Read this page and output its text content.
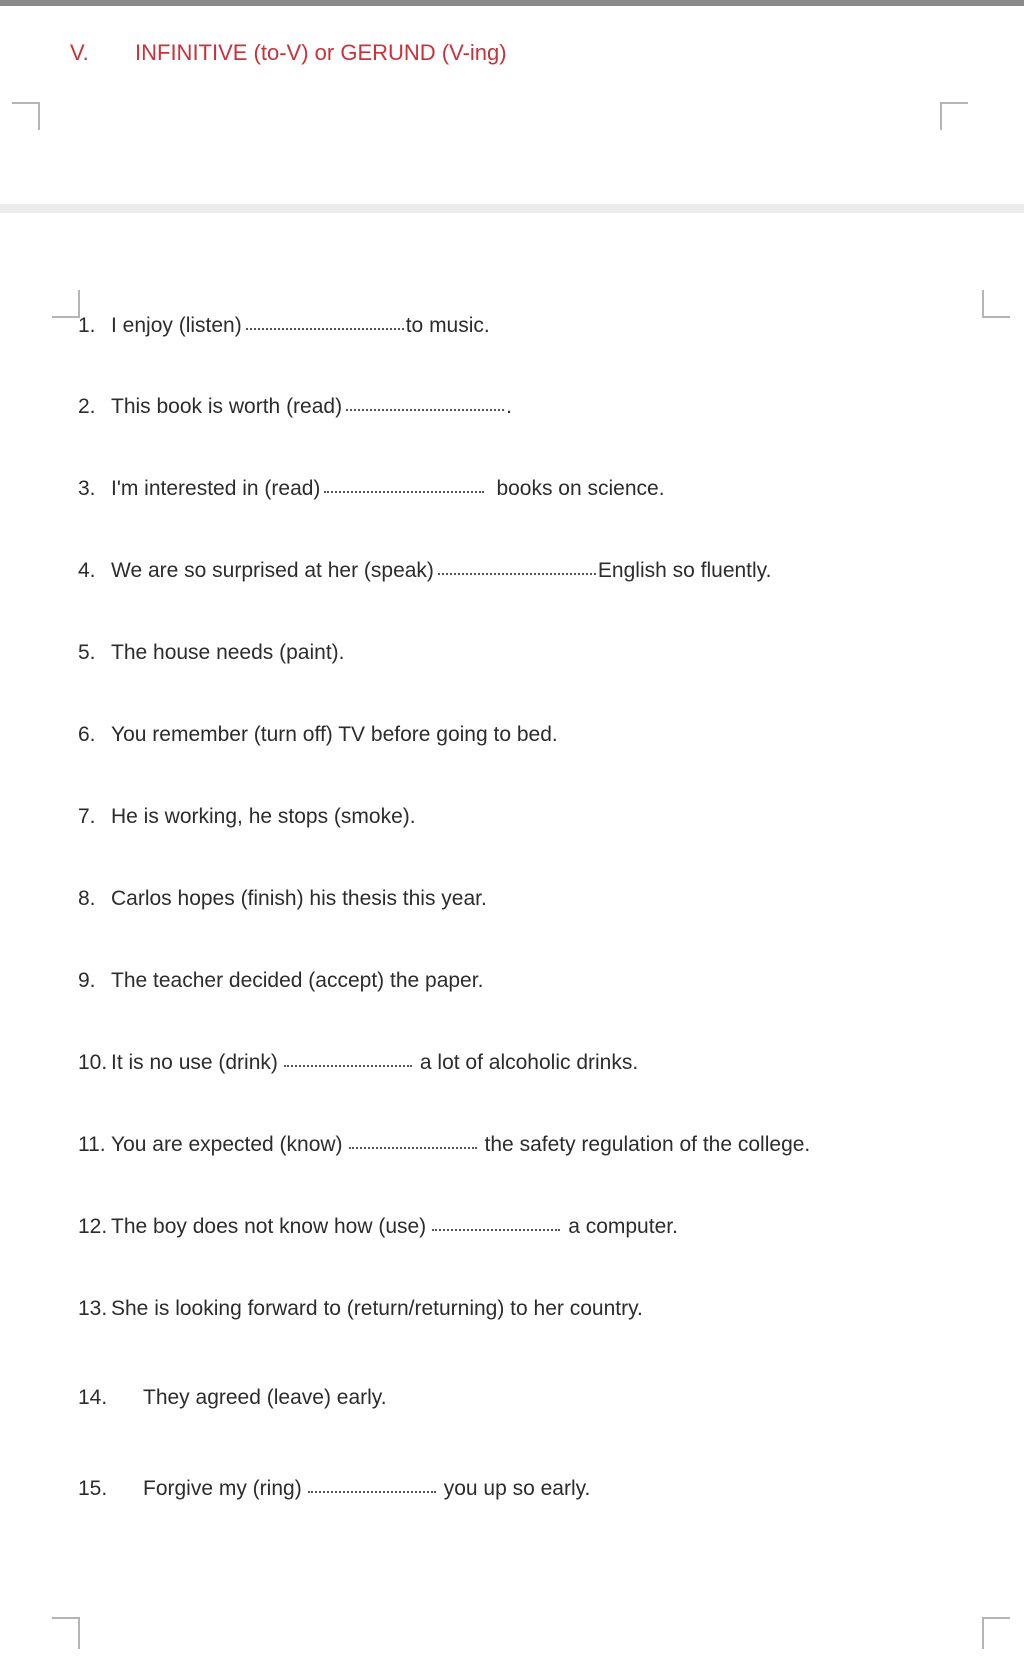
V. INFINITIVE (to-V) or GERUND (V-ing)
1. I enjoy (listen)	to music.
2. This book is worth (read)	.
3. I'm interested in (read)	books on science.
4. We are so surprised at her (speak)	English so fluently.
5. The house needs (paint).
6. You remember (turn off) TV before going to bed.
7. He is working, he stops (smoke).
8. Carlos hopes (finish) his thesis this year.
9. The teacher decided (accept) the paper.
10. It is no use (drink)	a lot of alcoholic drinks.
11. You are expected (know)	the safety regulation of the college.
12. The boy does not know how (use)	a computer.
13. She is looking forward to (return/returning) to her country.
14. They agreed (leave) early.
15. Forgive my (ring)	you up so early.
